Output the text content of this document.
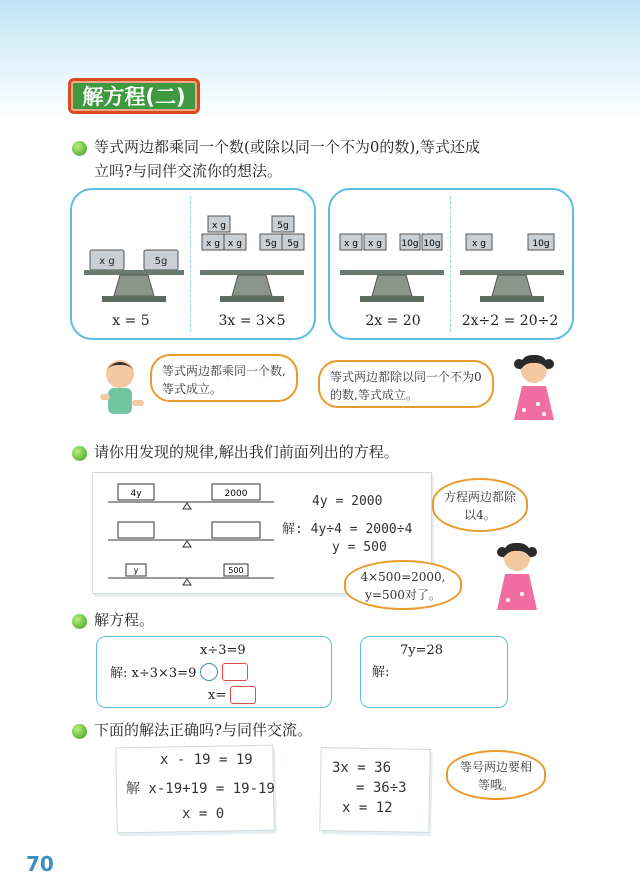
解方程(二)
等式两边都乘同一个数(或除以同一个不为0的数),等式还成
立吗?与同伴交流你的想法。
x g	5g
x g
x g x g
5g
5g 5g	x g x g 10g 10g	x g	10g
x = 5	3x = 3×5	2x = 20	2x÷2 = 20÷2
等式两边都乘同一个数,等式成立。
等式两边都除以同一个不为0的数,等式成立。
请你用发现的规律,解出我们前面列出的方程。
4y	2000
y	500
4y = 2000
解: 4y÷4 = 2000÷4
y = 500
方程两边都除以4。
4×500=2000,
y=500对了。
解方程。
x÷3=9
解: x÷3×3=9
x=
7y=28
解:
下面的解法正确吗?与同伴交流。
x - 19 = 19
解 x-19+19 = 19-19
x = 0
3x = 36
= 36÷3
x = 12
等号两边要相等哦。
70
